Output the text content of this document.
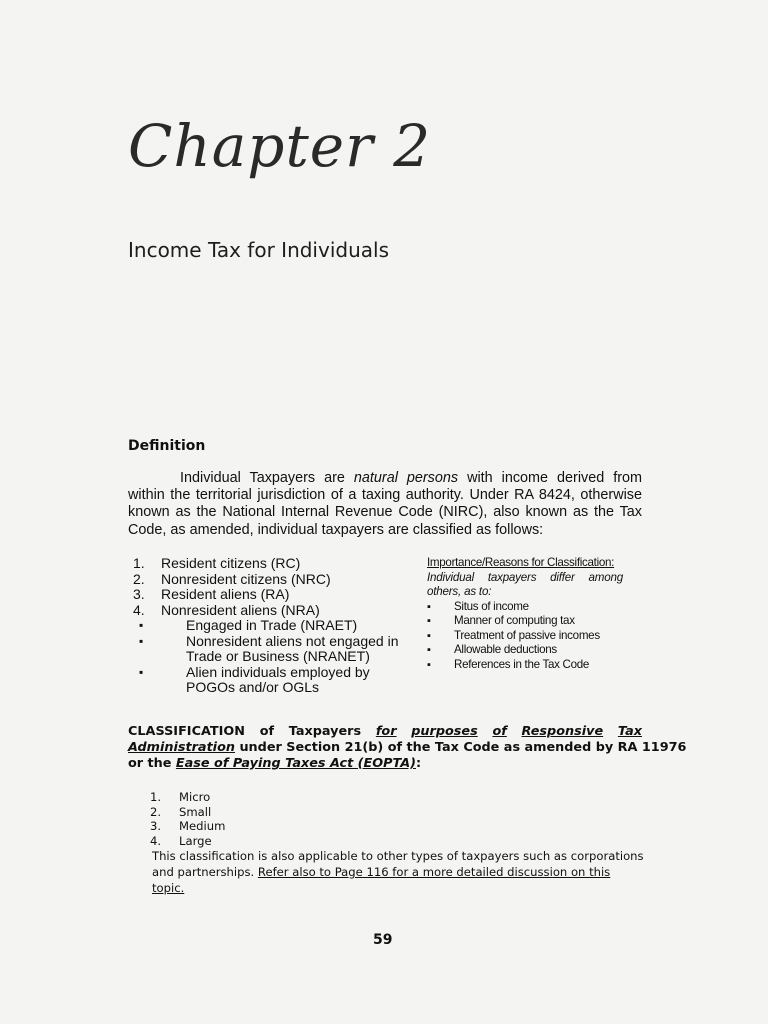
Chapter 2
Income Tax for Individuals
Definition

Individual Taxpayers are natural persons with income derived from within the territorial jurisdiction of a taxing authority. Under RA 8424, otherwise known as the National Internal Revenue Code (NIRC), also known as the Tax Code, as amended, individual taxpayers are classified as follows:

1. Resident citizens (RC)
2. Nonresident citizens (NRC)
3. Resident aliens (RA)
4. Nonresident aliens (NRA)
▪ Engaged in Trade (NRAET)
▪ Nonresident aliens not engaged in Trade or Business (NRANET)
▪ Alien individuals employed by POGOs and/or OGLs
Importance/Reasons for Classification:
Individual taxpayers differ among others, as to:
▪ Situs of income
▪ Manner of computing tax
▪ Treatment of passive incomes
▪ Allowable deductions
▪ References in the Tax Code
CLASSIFICATION of Taxpayers for purposes of Responsive Tax
Administration under Section 21(b) of the Tax Code as amended by RA 11976
or the Ease of Paying Taxes Act (EOPTA):
1. Micro
2. Small
3. Medium
4. Large

This classification is also applicable to other types of taxpayers such as corporations and partnerships. Refer also to Page 116 for a more detailed discussion on this topic.

59
